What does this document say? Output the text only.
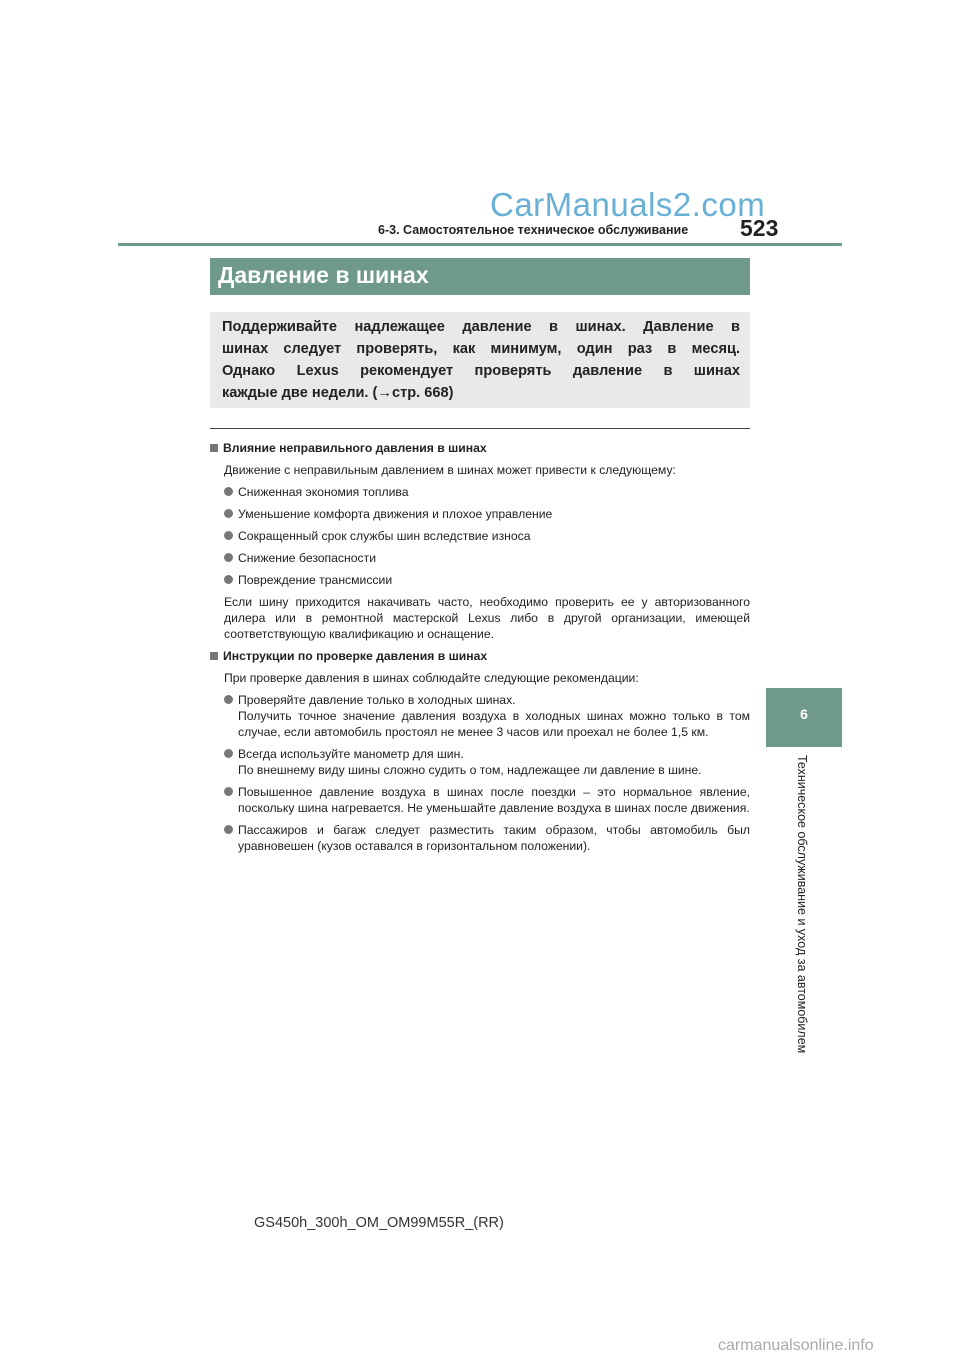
CarManuals2.com
6-3. Самостоятельное техническое обслуживание 523
Давление в шинах
Поддерживайте надлежащее давление в шинах. Давление в
шинах следует проверять, как минимум, один раз в месяц.
Однако Lexus рекомендует проверять давление в шинах
каждые две недели. (→стр. 668)
Влияние неправильного давления в шинах
Движение с неправильным давлением в шинах может привести к следующему:
Сниженная экономия топлива
Уменьшение комфорта движения и плохое управление
Сокращенный срок службы шин вследствие износа
Снижение безопасности
Повреждение трансмиссии
Если шину приходится накачивать часто, необходимо проверить ее у авторизованного дилера или в ремонтной мастерской Lexus либо в другой организации, имеющей соответствующую квалификацию и оснащение.
Инструкции по проверке давления в шинах
При проверке давления в шинах соблюдайте следующие рекомендации:
Проверяйте давление только в холодных шинах.
Получить точное значение давления воздуха в холодных шинах можно только в том случае, если автомобиль простоял не менее 3 часов или проехал не более 1,5 км.
Всегда используйте манометр для шин.
По внешнему виду шины сложно судить о том, надлежащее ли давление в шине.
Повышенное давление воздуха в шинах после поездки – это нормальное явление, поскольку шина нагревается. Не уменьшайте давление воздуха в шинах после движения.
Пассажиров и багаж следует разместить таким образом, чтобы автомобиль был уравновешен (кузов оставался в горизонтальном положении).
6
Техническое обслуживание и уход за автомобилем
GS450h_300h_OM_OM99M55R_(RR)
carmanualsonline.info
